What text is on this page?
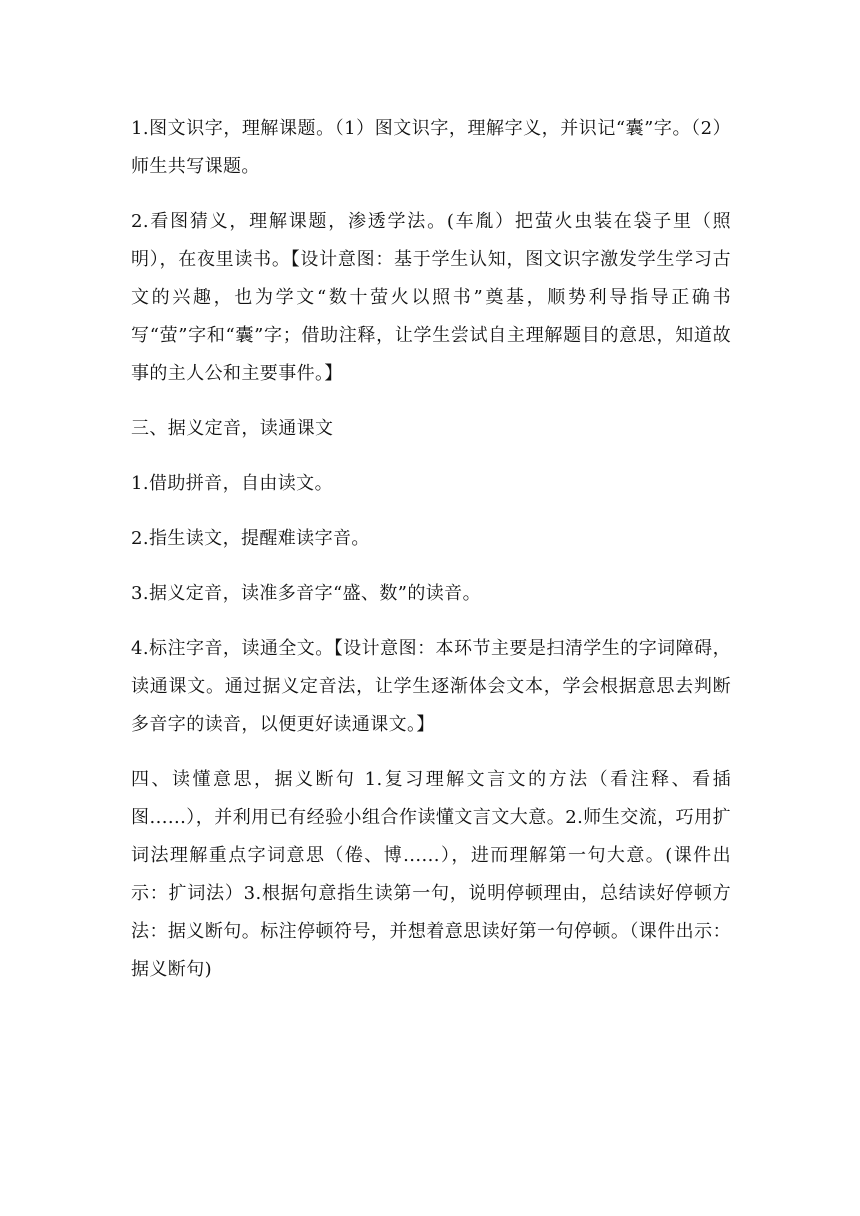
1.图文识字，理解课题。（1）图文识字，理解字义，并识记“囊”字。（2）师生共写课题。

2.看图猜义，理解课题，渗透学法。(车胤）把萤火虫装在袋子里（照明），在夜里读书。【设计意图：基于学生认知，图文识字激发学生学习古文的兴趣，也为学文“数十萤火以照书”奠基，顺势利导指导正确书写“萤”字和“囊”字；借助注释，让学生尝试自主理解题目的意思，知道故事的主人公和主要事件。】

三、据义定音，读通课文

1.借助拼音，自由读文。

2.指生读文，提醒难读字音。

3.据义定音，读准多音字“盛、数”的读音。

4.标注字音，读通全文。【设计意图：本环节主要是扫清学生的字词障碍，读通课文。通过据义定音法，让学生逐渐体会文本，学会根据意思去判断多音字的读音，以便更好读通课文。】

四、读懂意思，据义断句 1.复习理解文言文的方法（看注释、看插图......），并利用已有经验小组合作读懂文言文大意。2.师生交流，巧用扩词法理解重点字词意思（倦、博......），进而理解第一句大意。(课件出示：扩词法）3.根据句意指生读第一句，说明停顿理由，总结读好停顿方法：据义断句。标注停顿符号，并想着意思读好第一句停顿。（课件出示：据义断句)
